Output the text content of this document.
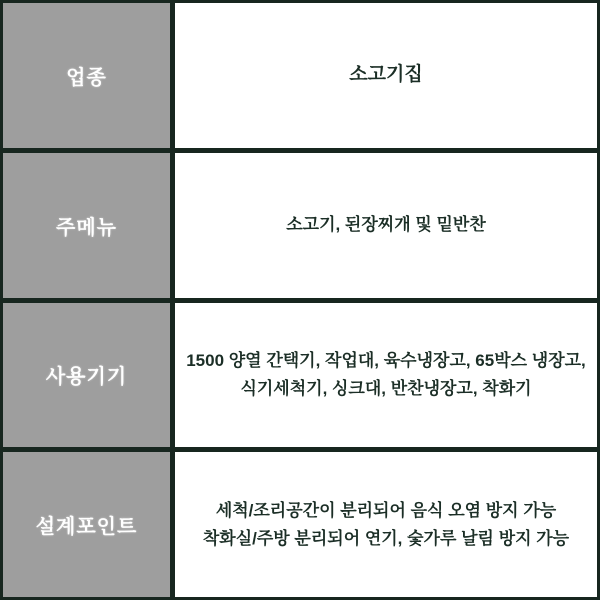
업종	소고기집
주메뉴	소고기, 된장찌개 및 밑반찬
사용기기
1500 양열 간택기, 작업대, 육수냉장고, 65박스 냉장고,
식기세척기, 싱크대, 반찬냉장고, 착화기
설계포인트
세척/조리공간이 분리되어 음식 오염 방지 가능
착화실/주방 분리되어 연기, 숯가루 날림 방지 가능
